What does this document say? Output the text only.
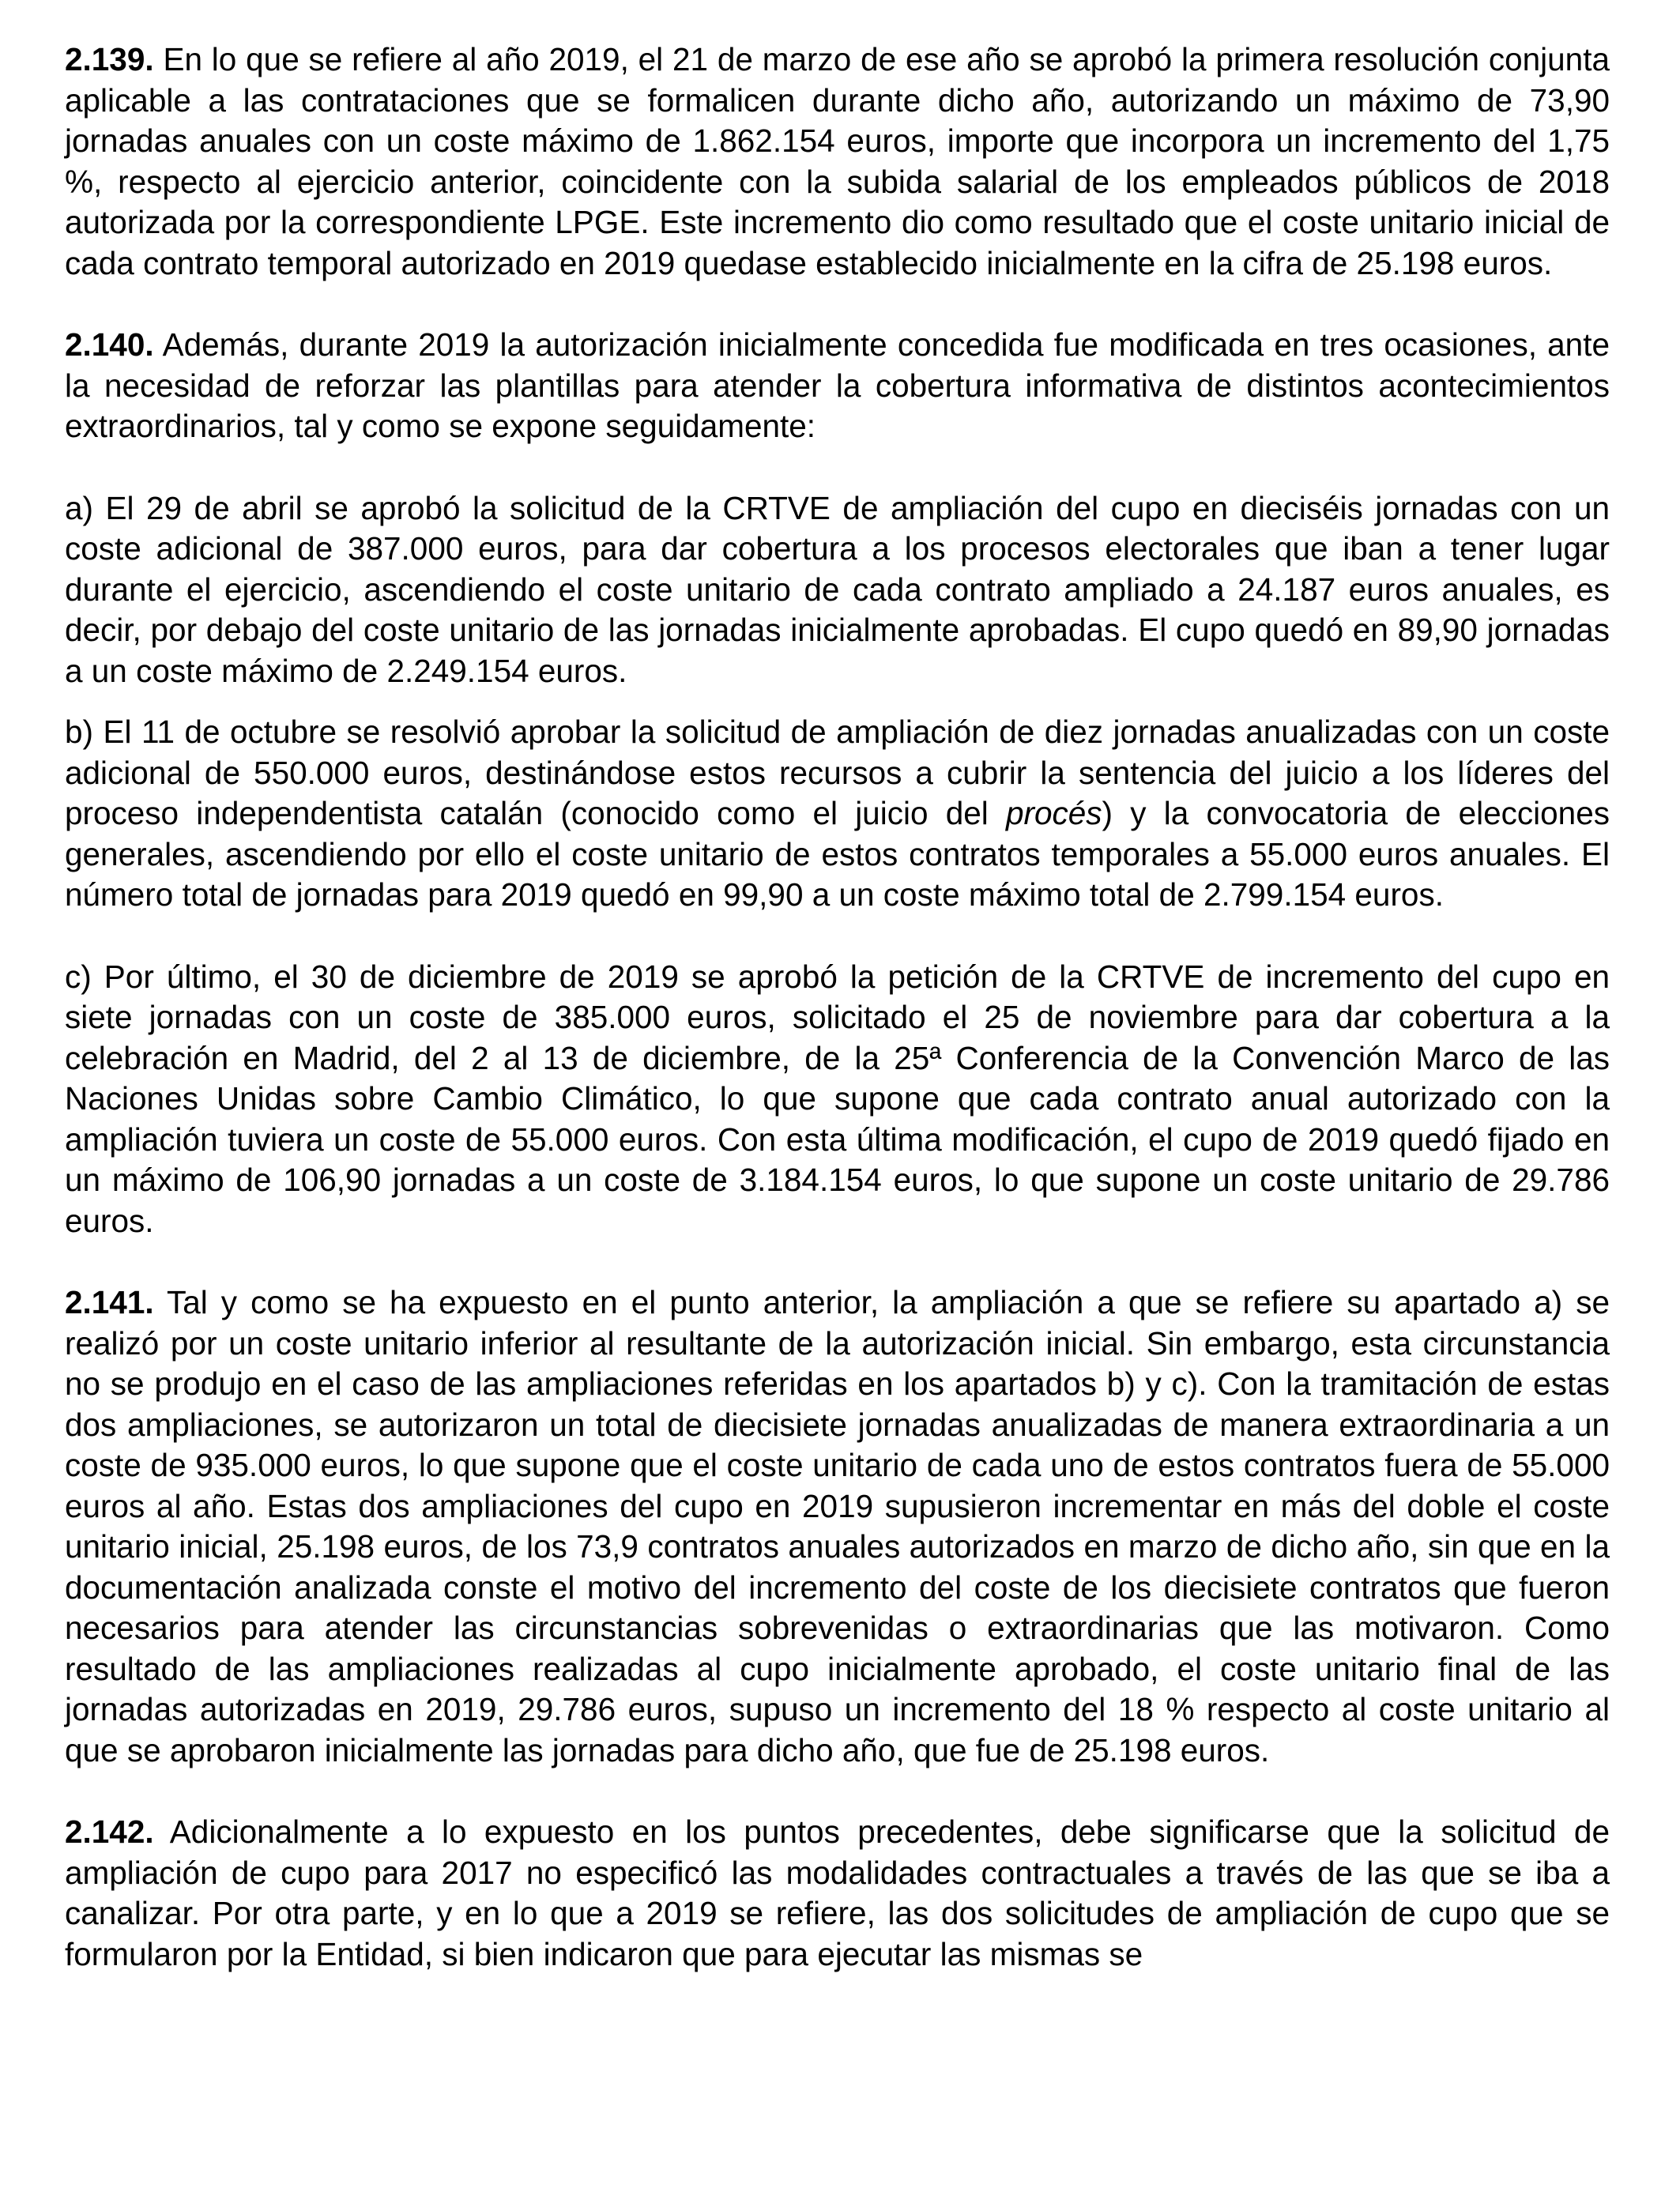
2.139. En lo que se refiere al año 2019, el 21 de marzo de ese año se aprobó la primera resolución conjunta aplicable a las contrataciones que se formalicen durante dicho año, autorizando un máximo de 73,90 jornadas anuales con un coste máximo de 1.862.154 euros, importe que incorpora un incremento del 1,75 %, respecto al ejercicio anterior, coincidente con la subida salarial de los empleados públicos de 2018 autorizada por la correspondiente LPGE. Este incremento dio como resultado que el coste unitario inicial de cada contrato temporal autorizado en 2019 quedase establecido inicialmente en la cifra de 25.198 euros.

2.140. Además, durante 2019 la autorización inicialmente concedida fue modificada en tres ocasiones, ante la necesidad de reforzar las plantillas para atender la cobertura informativa de distintos acontecimientos extraordinarios, tal y como se expone seguidamente:

a) El 29 de abril se aprobó la solicitud de la CRTVE de ampliación del cupo en dieciséis jornadas con un coste adicional de 387.000 euros, para dar cobertura a los procesos electorales que iban a tener lugar durante el ejercicio, ascendiendo el coste unitario de cada contrato ampliado a 24.187 euros anuales, es decir, por debajo del coste unitario de las jornadas inicialmente aprobadas. El cupo quedó en 89,90 jornadas a un coste máximo de 2.249.154 euros.

b) El 11 de octubre se resolvió aprobar la solicitud de ampliación de diez jornadas anualizadas con un coste adicional de 550.000 euros, destinándose estos recursos a cubrir la sentencia del juicio a los líderes del proceso independentista catalán (conocido como el juicio del procés) y la convocatoria de elecciones generales, ascendiendo por ello el coste unitario de estos contratos temporales a 55.000 euros anuales. El número total de jornadas para 2019 quedó en 99,90 a un coste máximo total de 2.799.154 euros.

c) Por último, el 30 de diciembre de 2019 se aprobó la petición de la CRTVE de incremento del cupo en siete jornadas con un coste de 385.000 euros, solicitado el 25 de noviembre para dar cobertura a la celebración en Madrid, del 2 al 13 de diciembre, de la 25ª Conferencia de la Convención Marco de las Naciones Unidas sobre Cambio Climático, lo que supone que cada contrato anual autorizado con la ampliación tuviera un coste de 55.000 euros. Con esta última modificación, el cupo de 2019 quedó fijado en un máximo de 106,90 jornadas a un coste de 3.184.154 euros, lo que supone un coste unitario de 29.786 euros.

2.141. Tal y como se ha expuesto en el punto anterior, la ampliación a que se refiere su apartado a) se realizó por un coste unitario inferior al resultante de la autorización inicial. Sin embargo, esta circunstancia no se produjo en el caso de las ampliaciones referidas en los apartados b) y c). Con la tramitación de estas dos ampliaciones, se autorizaron un total de diecisiete jornadas anualizadas de manera extraordinaria a un coste de 935.000 euros, lo que supone que el coste unitario de cada uno de estos contratos fuera de 55.000 euros al año. Estas dos ampliaciones del cupo en 2019 supusieron incrementar en más del doble el coste unitario inicial, 25.198 euros, de los 73,9 contratos anuales autorizados en marzo de dicho año, sin que en la documentación analizada conste el motivo del incremento del coste de los diecisiete contratos que fueron necesarios para atender las circunstancias sobrevenidas o extraordinarias que las motivaron. Como resultado de las ampliaciones realizadas al cupo inicialmente aprobado, el coste unitario final de las jornadas autorizadas en 2019, 29.786 euros, supuso un incremento del 18 % respecto al coste unitario al que se aprobaron inicialmente las jornadas para dicho año, que fue de 25.198 euros.

2.142. Adicionalmente a lo expuesto en los puntos precedentes, debe significarse que la solicitud de ampliación de cupo para 2017 no especificó las modalidades contractuales a través de las que se iba a canalizar. Por otra parte, y en lo que a 2019 se refiere, las dos solicitudes de ampliación de cupo que se formularon por la Entidad, si bien indicaron que para ejecutar las mismas se
